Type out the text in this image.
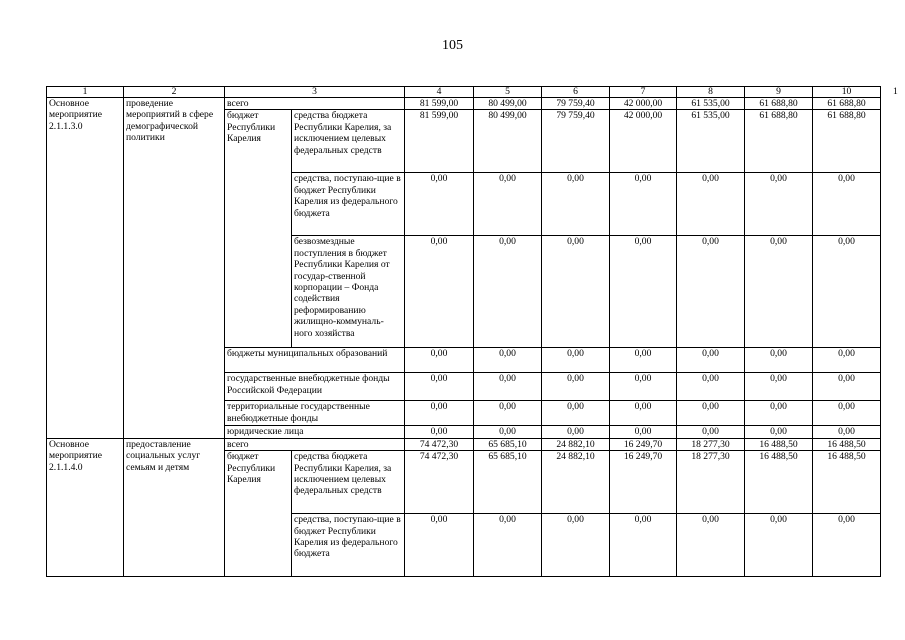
105
1
1	2	3		4	5	6	7	8	9	10
Основное мероприятие 2.1.1.3.0	проведение мероприятий в сфере демографической политики	всего		81 599,00	80 499,00	79 759,40	42 000,00	61 535,00	61 688,80	61 688,80
		бюджет Республики Карелия	средства бюджета Республики Карелия, за исключением целевых федеральных средств	81 599,00	80 499,00	79 759,40	42 000,00	61 535,00	61 688,80	61 688,80
			средства, поступаю-щие в бюджет Республики Карелия из федерального бюджета	0,00	0,00	0,00	0,00	0,00	0,00	0,00
			безвозмездные поступления в бюджет Республики Карелия от государ-ственной корпорации – Фонда содействия реформированию жилищно-коммуналь-ного хозяйства	0,00	0,00	0,00	0,00	0,00	0,00	0,00
		бюджеты муниципальных образований		0,00	0,00	0,00	0,00	0,00	0,00	0,00
		государственные внебюджетные фонды Российской Федерации		0,00	0,00	0,00	0,00	0,00	0,00	0,00
		территориальные государственные внебюджетные фонды		0,00	0,00	0,00	0,00	0,00	0,00	0,00
		юридические лица		0,00	0,00	0,00	0,00	0,00	0,00	0,00
Основное мероприятие 2.1.1.4.0	предоставление социальных услуг семьям и детям	всего		74 472,30	65 685,10	24 882,10	16 249,70	18 277,30	16 488,50	16 488,50
		бюджет Республики Карелия	средства бюджета Республики Карелия, за исключением целевых федеральных средств	74 472,30	65 685,10	24 882,10	16 249,70	18 277,30	16 488,50	16 488,50
			средства, поступаю-щие в бюджет Республики Карелия из федерального бюджета	0,00	0,00	0,00	0,00	0,00	0,00	0,00
